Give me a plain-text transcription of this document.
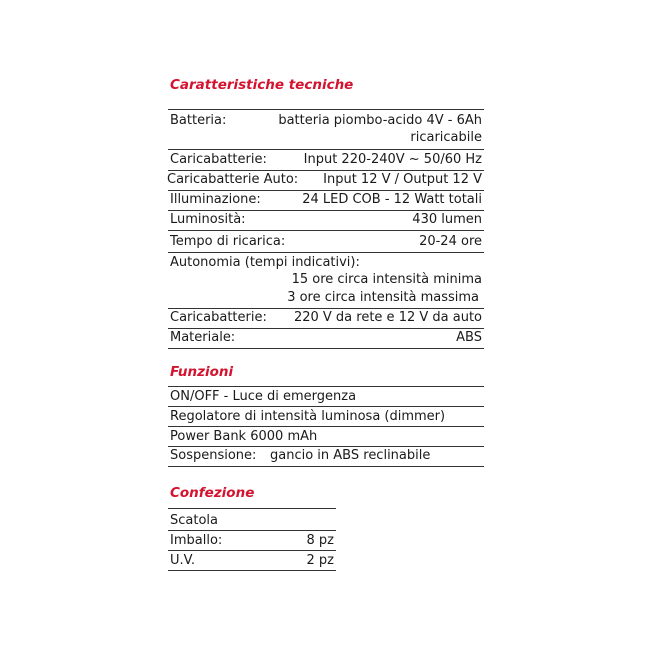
Caratteristiche tecniche
Batteria:	batteria piombo-acido 4V - 6Ah
ricaricabile
Caricabatterie:	Input 220-240V ~ 50/60 Hz
Caricabatterie Auto: Input 12 V / Output 12 V
Illuminazione:	24 LED COB - 12 Watt totali
Luminosità:	430 lumen
Tempo di ricarica:	20-24 ore
Autonomia (tempi indicativi):
15 ore circa intensità minima
3 ore circa intensità massima
Caricabatterie: 220 V da rete e 12 V da auto
Materiale:	ABS
Funzioni
ON/OFF - Luce di emergenza
Regolatore di intensità luminosa (dimmer)
Power Bank 6000 mAh
Sospensione: gancio in ABS reclinabile
Confezione
Scatola
Imballo:	8 pz
U.V.	2 pz
